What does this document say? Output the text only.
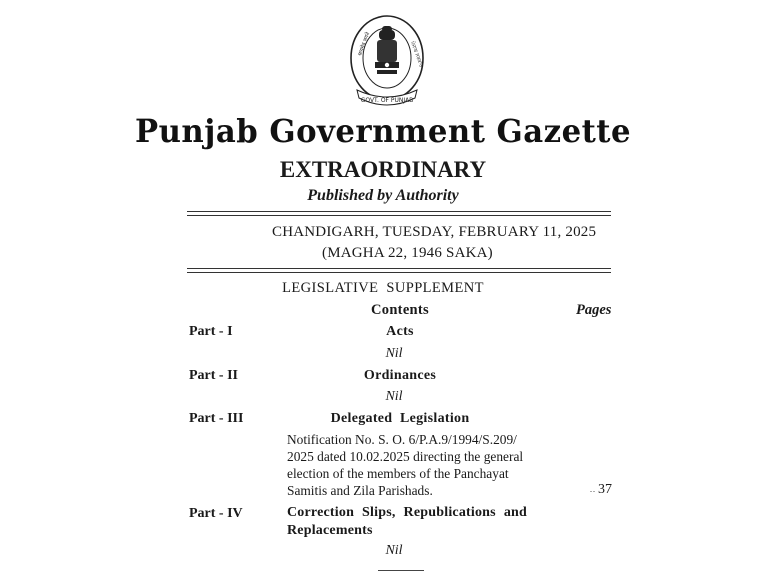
GOVT. OF PUNJAB
सत्यमेव जयते	ਪੰਜਾਬ ਸਰਕਾਰ
Punjab Government Gazette
EXTRAORDINARY
Published by Authority
CHANDIGARH, TUESDAY, FEBRUARY 11, 2025
(MAGHA 22, 1946 SAKA)
LEGISLATIVE  SUPPLEMENT
Contents	Pages
Part - I	Acts
Nil
Part - II	Ordinances
Nil
Part - III	Delegated  Legislation
Notification No. S. O. 6/P.A.9/1994/S.209/ 2025 dated 10.02.2025 directing the general election of the members of the Panchayat Samitis and Zila Parishads.	.. 37
Part - IV	Correction Slips, Republications and Replacements
Nil
